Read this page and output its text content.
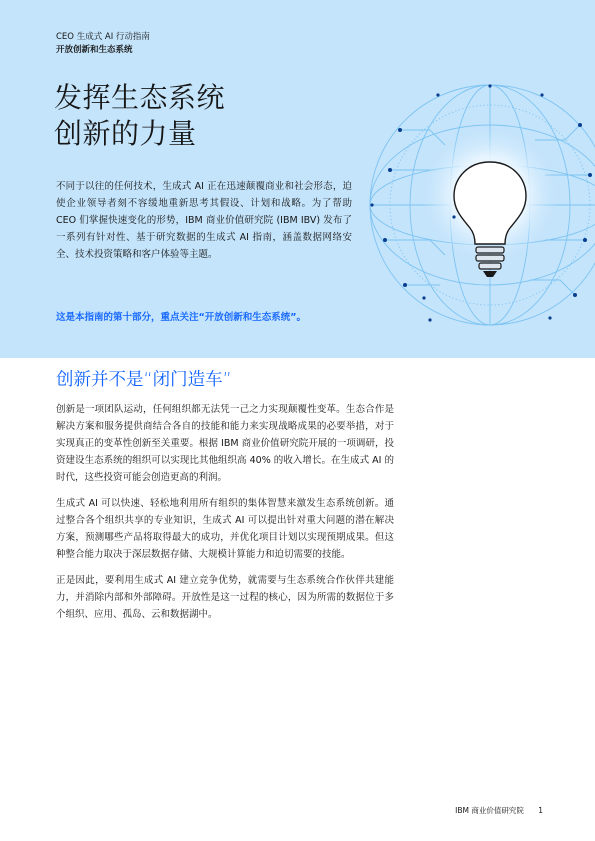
CEO 生成式 AI 行动指南
开放创新和生态系统
发挥生态系统
创新的力量
不同于以往的任何技术，生成式 AI 正在迅速颠覆商业和社会形态，迫使企业领导者刻不容缓地重新思考其假设、计划和战略。为了帮助 CEO 们掌握快速变化的形势，IBM 商业价值研究院 (IBM IBV) 发布了一系列有针对性、基于研究数据的生成式 AI 指南，涵盖数据网络安全、技术投资策略和客户体验等主题。
这是本指南的第十部分，重点关注“开放创新和生态系统”。
创新并不是“闭门造车”

创新是一项团队运动，任何组织都无法凭一己之力实现颠覆性变革。生态合作是解决方案和服务提供商结合各自的技能和能力来实现战略成果的必要举措，对于实现真正的变革性创新至关重要。根据 IBM 商业价值研究院开展的一项调研，投资建设生态系统的组织可以实现比其他组织高 40% 的收入增长。在生成式 AI 的时代，这些投资可能会创造更高的利润。

生成式 AI 可以快速、轻松地利用所有组织的集体智慧来激发生态系统创新。通过整合各个组织共享的专业知识，生成式 AI 可以提出针对重大问题的潜在解决方案，预测哪些产品将取得最大的成功，并优化项目计划以实现预期成果。但这种整合能力取决于深层数据存储、大规模计算能力和迫切需要的技能。

正是因此，要利用生成式 AI 建立竞争优势，就需要与生态系统合作伙伴共建能力，并消除内部和外部障碍。开放性是这一过程的核心，因为所需的数据位于多个组织、应用、孤岛、云和数据湖中。

IBM 商业价值研究院 1
